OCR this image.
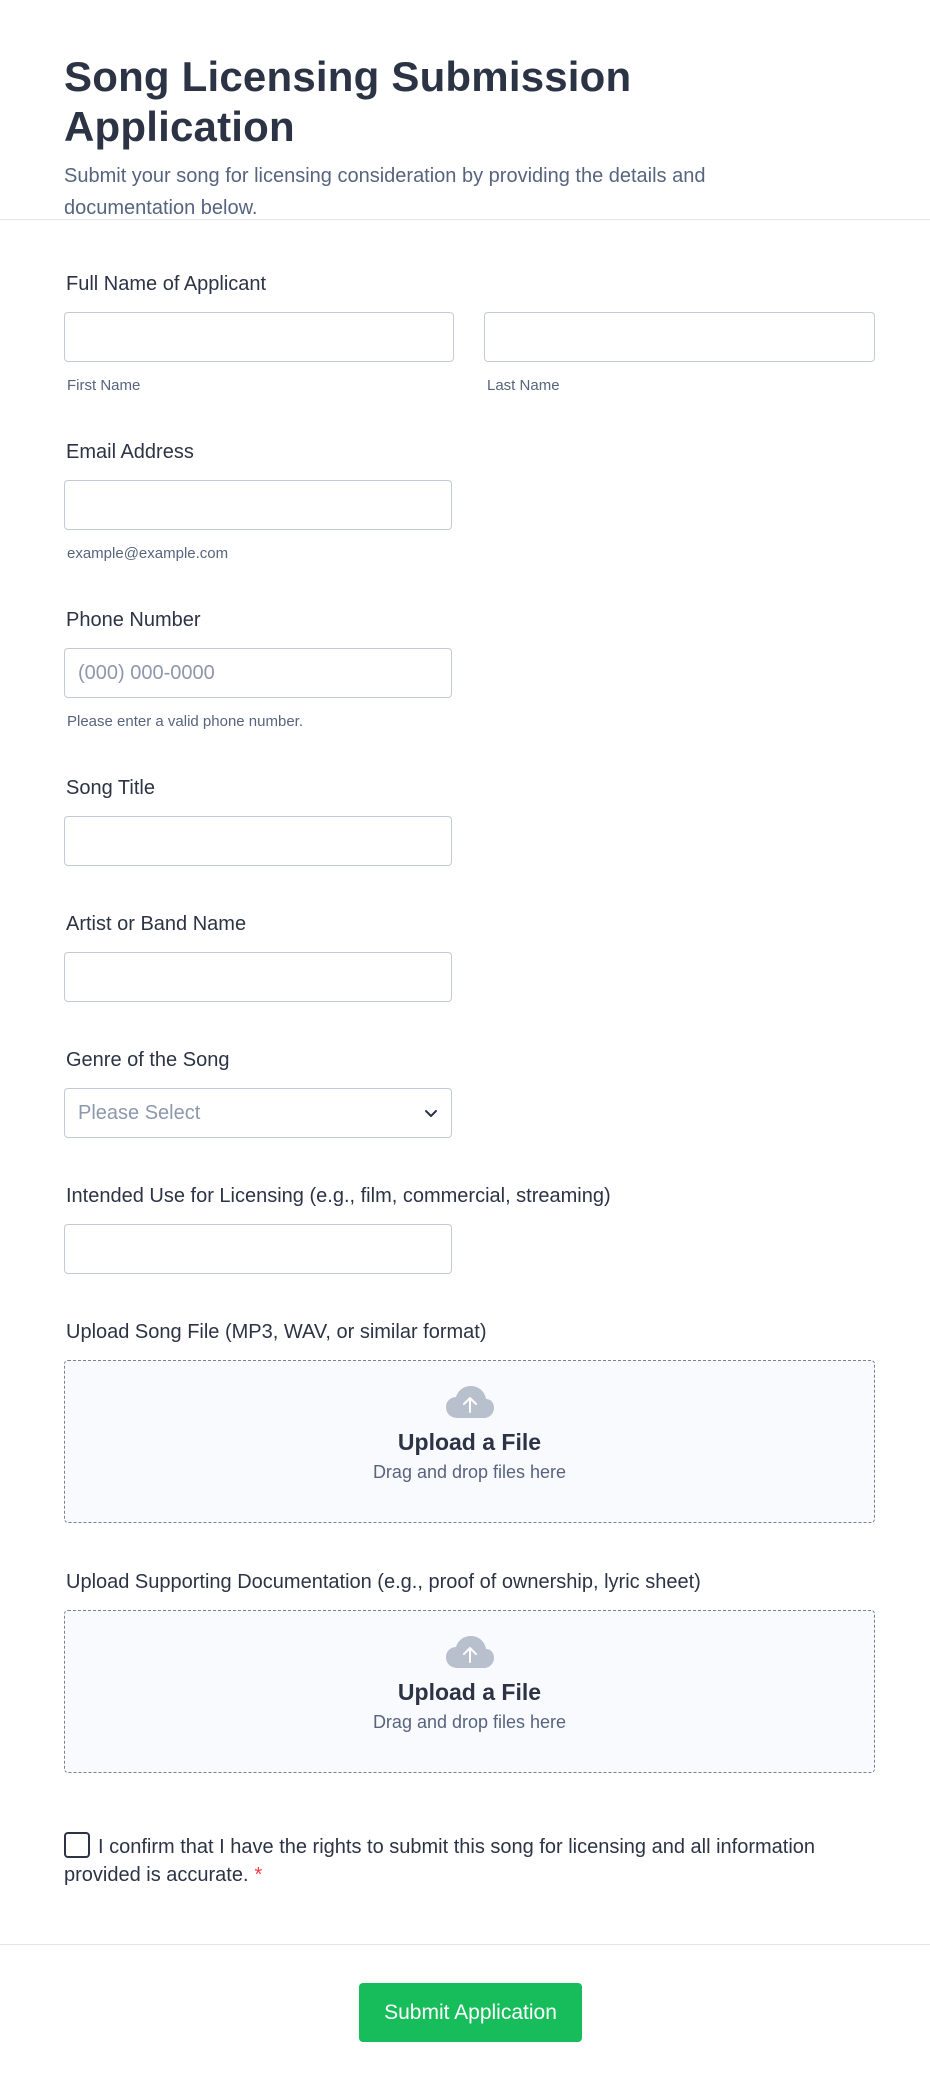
Song Licensing Submission Application
Submit your song for licensing consideration by providing the details and documentation below.
Full Name of Applicant
First Name	Last Name
Email Address
example@example.com
Phone Number
(000) 000-0000
Please enter a valid phone number.
Song Title
Artist or Band Name
Genre of the Song
Please Select
Intended Use for Licensing (e.g., film, commercial, streaming)
Upload Song File (MP3, WAV, or similar format)
Upload a File
Drag and drop files here
Upload Supporting Documentation (e.g., proof of ownership, lyric sheet)
Upload a File
Drag and drop files here
I confirm that I have the rights to submit this song for licensing and all information provided is accurate. *
Submit Application
